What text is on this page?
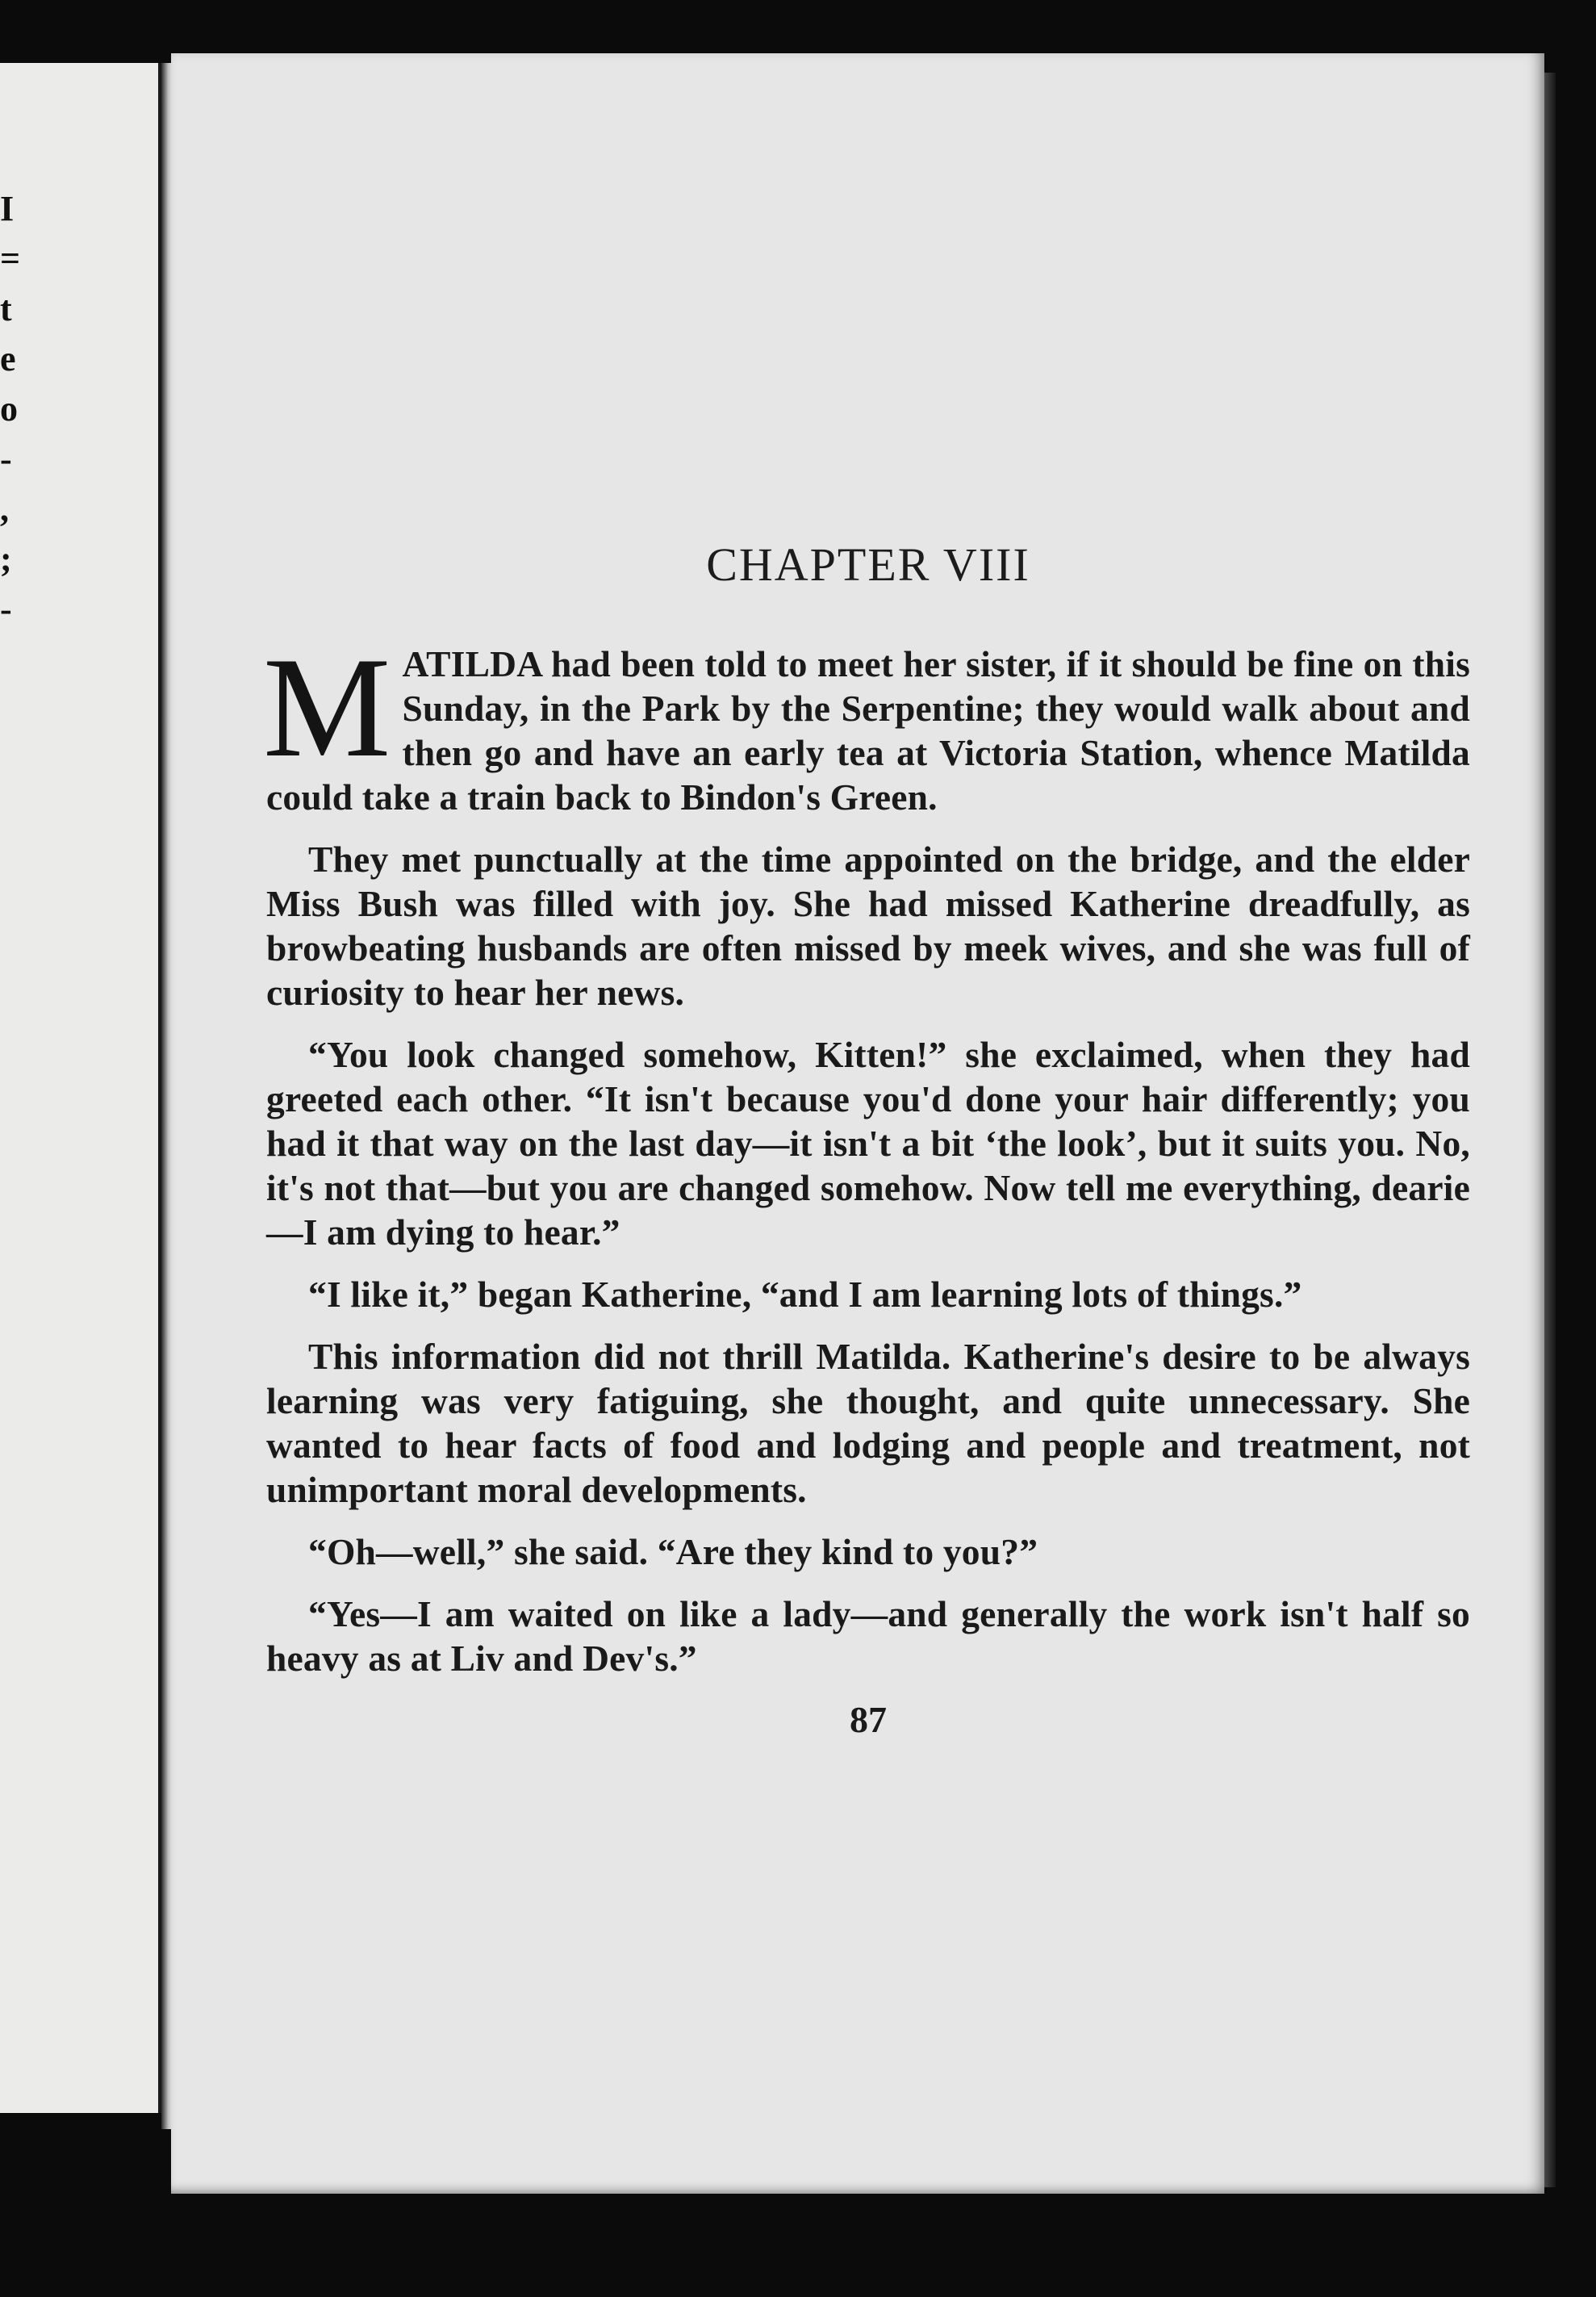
I
=
t
e
o
-
,
;
-
CHAPTER VIII

MATILDA had been told to meet her sister, if it should be fine on this Sunday, in the Park by the Serpentine; they would walk about and then go and have an early tea at Victoria Station, whence Matilda could take a train back to Bindon's Green.

They met punctually at the time appointed on the bridge, and the elder Miss Bush was filled with joy. She had missed Katherine dreadfully, as browbeating husbands are often missed by meek wives, and she was full of curiosity to hear her news.

“You look changed somehow, Kitten!” she exclaimed, when they had greeted each other. “It isn't because you'd done your hair differently; you had it that way on the last day—it isn't a bit ‘the look’, but it suits you. No, it's not that—but you are changed somehow. Now tell me everything, dearie—I am dying to hear.”

“I like it,” began Katherine, “and I am learning lots of things.”

This information did not thrill Matilda. Katherine's desire to be always learning was very fatiguing, she thought, and quite unnecessary. She wanted to hear facts of food and lodging and people and treatment, not unimportant moral developments.

“Oh—well,” she said. “Are they kind to you?”

“Yes—I am waited on like a lady—and generally the work isn't half so heavy as at Liv and Dev's.”

87
